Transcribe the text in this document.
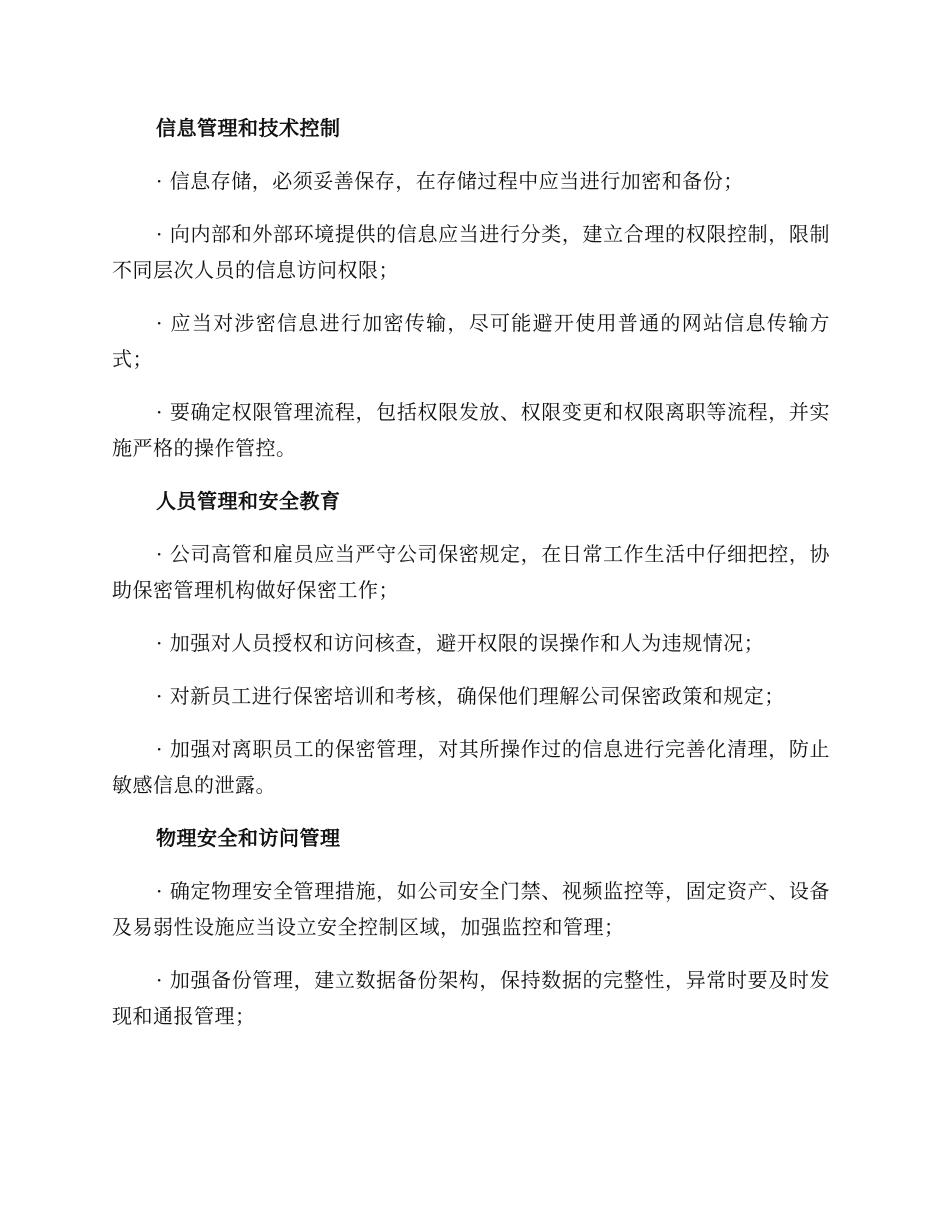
信息管理和技术控制

· 信息存储，必须妥善保存，在存储过程中应当进行加密和备份；

· 向内部和外部环境提供的信息应当进行分类，建立合理的权限控制，限制不同层次人员的信息访问权限；

· 应当对涉密信息进行加密传输，尽可能避开使用普通的网站信息传输方式；

· 要确定权限管理流程，包括权限发放、权限变更和权限离职等流程，并实施严格的操作管控。

人员管理和安全教育

· 公司高管和雇员应当严守公司保密规定，在日常工作生活中仔细把控，协助保密管理机构做好保密工作；

· 加强对人员授权和访问核查，避开权限的误操作和人为违规情况；

· 对新员工进行保密培训和考核，确保他们理解公司保密政策和规定；

· 加强对离职员工的保密管理，对其所操作过的信息进行完善化清理，防止敏感信息的泄露。

物理安全和访问管理

· 确定物理安全管理措施，如公司安全门禁、视频监控等，固定资产、设备及易弱性设施应当设立安全控制区域，加强监控和管理；

· 加强备份管理，建立数据备份架构，保持数据的完整性，异常时要及时发现和通报管理；
